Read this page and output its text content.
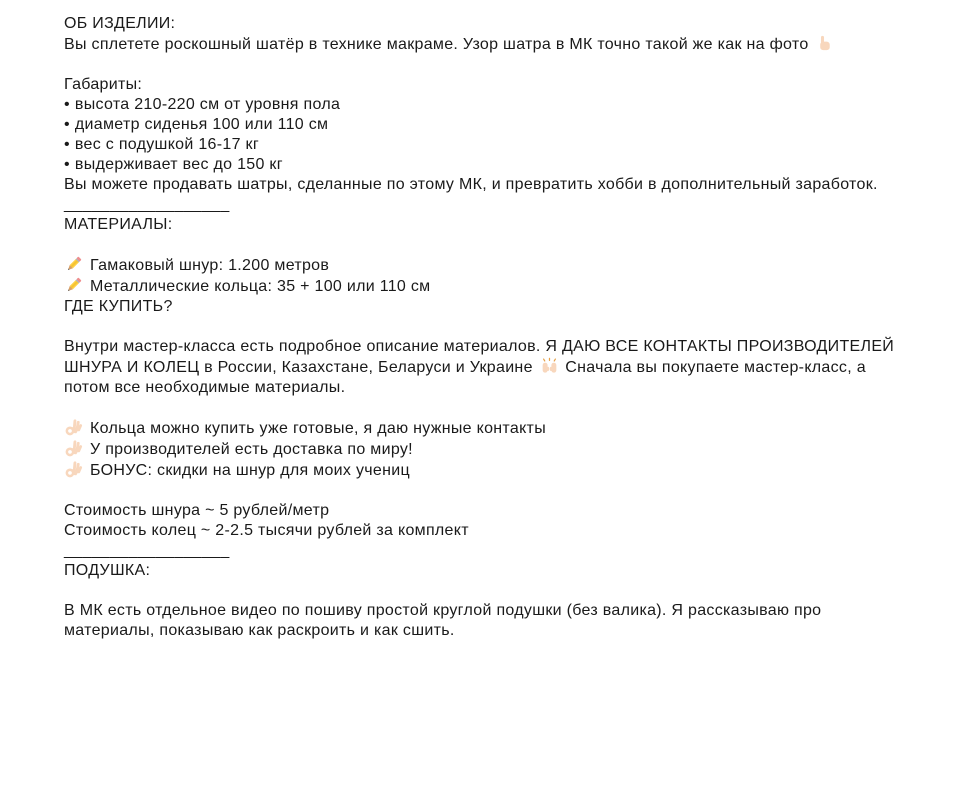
ОБ ИЗДЕЛИИ:

Вы сплетете роскошный шатёр в технике макраме. Узор шатра в МК точно такой же как на фото

Габариты:

• высота 210-220 см от уровня пола

• диаметр сиденья 100 или 110 см

• вес с подушкой 16-17 кг

• выдерживает вес до 150 кг

Вы можете продавать шатры, сделанные по этому МК, и превратить хобби в дополнительный заработок.

__________________

МАТЕРИАЛЫ:

Гамаковый шнур: 1.200 метров

Металлические кольца: 35 + 100 или 110 см

ГДЕ КУПИТЬ?

Внутри мастер-класса есть подробное описание материалов. Я ДАЮ ВСЕ КОНТАКТЫ ПРОИЗВОДИТЕЛЕЙ

ШНУРА И КОЛЕЦ в России, Казахстане, Беларуси и Украине Сначала вы покупаете мастер-класс, а

потом все необходимые материалы.

Кольца можно купить уже готовые, я даю нужные контакты

У производителей есть доставка по миру!

БОНУС: скидки на шнур для моих учениц

Стоимость шнура ~ 5 рублей/метр

Стоимость колец ~ 2-2.5 тысячи рублей за комплект

__________________

ПОДУШКА:

В МК есть отдельное видео по пошиву простой круглой подушки (без валика). Я рассказываю про

материалы, показываю как раскроить и как сшить.
